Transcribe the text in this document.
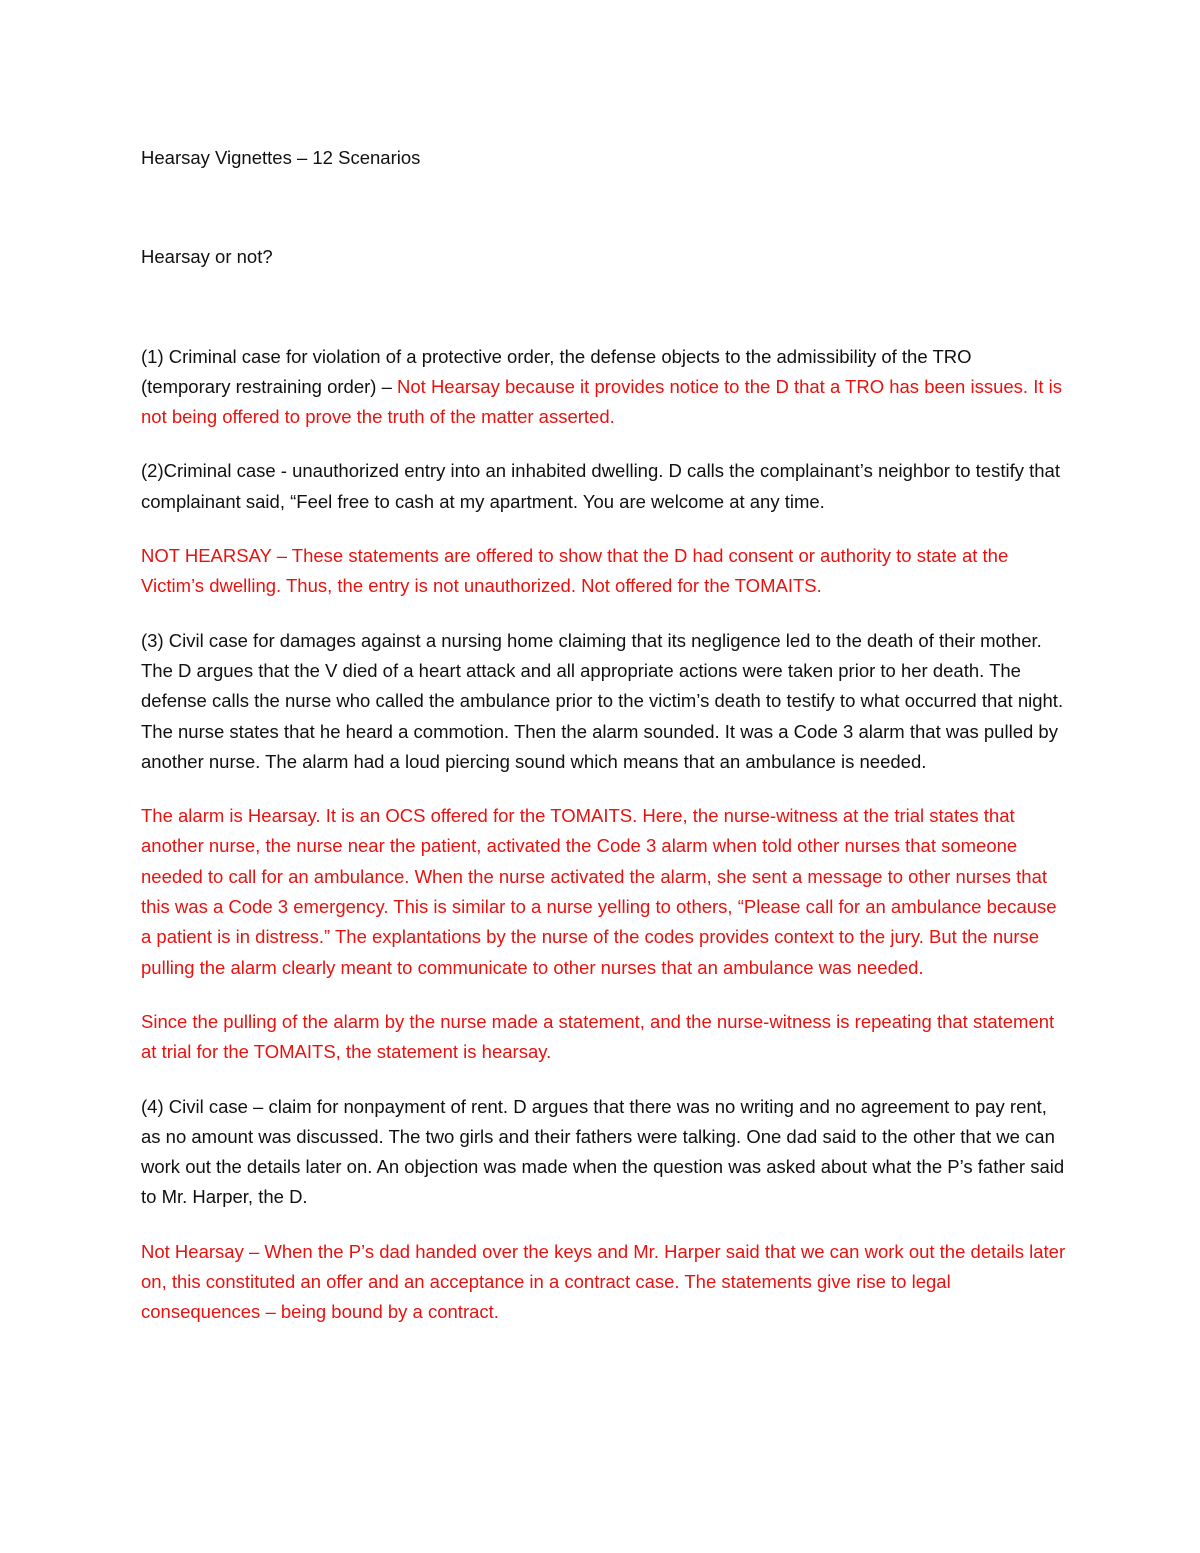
Hearsay Vignettes – 12 Scenarios

Hearsay or not?

(1) Criminal case for violation of a protective order, the defense objects to the admissibility of the TRO (temporary restraining order) – Not Hearsay because it provides notice to the D that a TRO has been issues. It is not being offered to prove the truth of the matter asserted.

(2)Criminal case - unauthorized entry into an inhabited dwelling. D calls the complainant’s neighbor to testify that complainant said, “Feel free to cash at my apartment. You are welcome at any time.

NOT HEARSAY – These statements are offered to show that the D had consent or authority to state at the Victim’s dwelling. Thus, the entry is not unauthorized. Not offered for the TOMAITS.

(3) Civil case for damages against a nursing home claiming that its negligence led to the death of their mother. The D argues that the V died of a heart attack and all appropriate actions were taken prior to her death. The defense calls the nurse who called the ambulance prior to the victim’s death to testify to what occurred that night. The nurse states that he heard a commotion. Then the alarm sounded. It was a Code 3 alarm that was pulled by another nurse. The alarm had a loud piercing sound which means that an ambulance is needed.

The alarm is Hearsay. It is an OCS offered for the TOMAITS. Here, the nurse-witness at the trial states that another nurse, the nurse near the patient, activated the Code 3 alarm when told other nurses that someone needed to call for an ambulance. When the nurse activated the alarm, she sent a message to other nurses that this was a Code 3 emergency. This is similar to a nurse yelling to others, “Please call for an ambulance because a patient is in distress.” The explantations by the nurse of the codes provides context to the jury. But the nurse pulling the alarm clearly meant to communicate to other nurses that an ambulance was needed.

Since the pulling of the alarm by the nurse made a statement, and the nurse-witness is repeating that statement at trial for the TOMAITS, the statement is hearsay.

(4) Civil case – claim for nonpayment of rent. D argues that there was no writing and no agreement to pay rent, as no amount was discussed. The two girls and their fathers were talking. One dad said to the other that we can work out the details later on. An objection was made when the question was asked about what the P’s father said to Mr. Harper, the D.

Not Hearsay – When the P’s dad handed over the keys and Mr. Harper said that we can work out the details later on, this constituted an offer and an acceptance in a contract case. The statements give rise to legal consequences – being bound by a contract.
